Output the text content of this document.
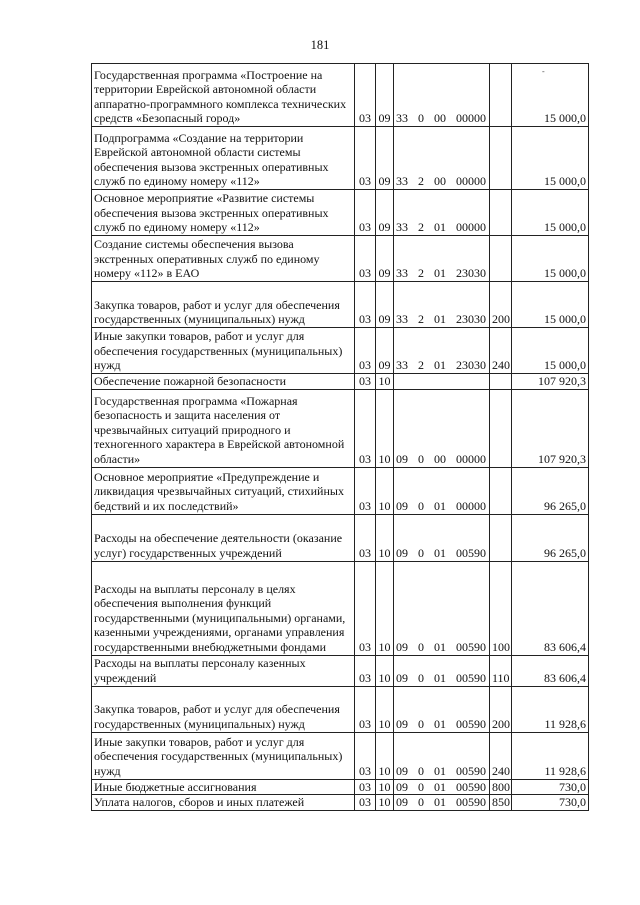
181
-
Государственная программа «Построение на территории Еврейской автономной области аппаратно-программного комплекса технических средств «Безопасный город»	03	09	33 0 00 00000		15 000,0
Подпрограмма «Создание на территории Еврейской автономной области системы обеспечения вызова экстренных оперативных служб по единому номеру «112»	03	09	33 2 00 00000		15 000,0
Основное мероприятие «Развитие системы обеспечения вызова экстренных оперативных служб по единому номеру «112»	03	09	33 2 01 00000		15 000,0
Создание системы обеспечения вызова экстренных оперативных служб по единому номеру «112» в ЕАО	03	09	33 2 01 23030		15 000,0
Закупка товаров, работ и услуг для обеспечения государственных (муниципальных) нужд	03	09	33 2 01 23030	200	15 000,0
Иные закупки товаров, работ и услуг для обеспечения государственных (муниципальных) нужд	03	09	33 2 01 23030	240	15 000,0
Обеспечение пожарной безопасности	03	10			107 920,3
Государственная программа «Пожарная безопасность и защита населения от чрезвычайных ситуаций природного и техногенного характера в Еврейской автономной области»	03	10	09 0 00 00000		107 920,3
Основное мероприятие «Предупреждение и ликвидация чрезвычайных ситуаций, стихийных бедствий и их последствий»	03	10	09 0 01 00000		96 265,0
Расходы на обеспечение деятельности (оказание услуг) государственных учреждений	03	10	09 0 01 00590		96 265,0
Расходы на выплаты персоналу в целях обеспечения выполнения функций государственными (муниципальными) органами, казенными учреждениями, органами управления государственными внебюджетными фондами	03	10	09 0 01 00590	100	83 606,4
Расходы на выплаты персоналу казенных учреждений	03	10	09 0 01 00590	110	83 606,4
Закупка товаров, работ и услуг для обеспечения государственных (муниципальных) нужд	03	10	09 0 01 00590	200	11 928,6
Иные закупки товаров, работ и услуг для обеспечения государственных (муниципальных) нужд	03	10	09 0 01 00590	240	11 928,6
Иные бюджетные ассигнования	03	10	09 0 01 00590	800	730,0
Уплата налогов, сборов и иных платежей	03	10	09 0 01 00590	850	730,0
